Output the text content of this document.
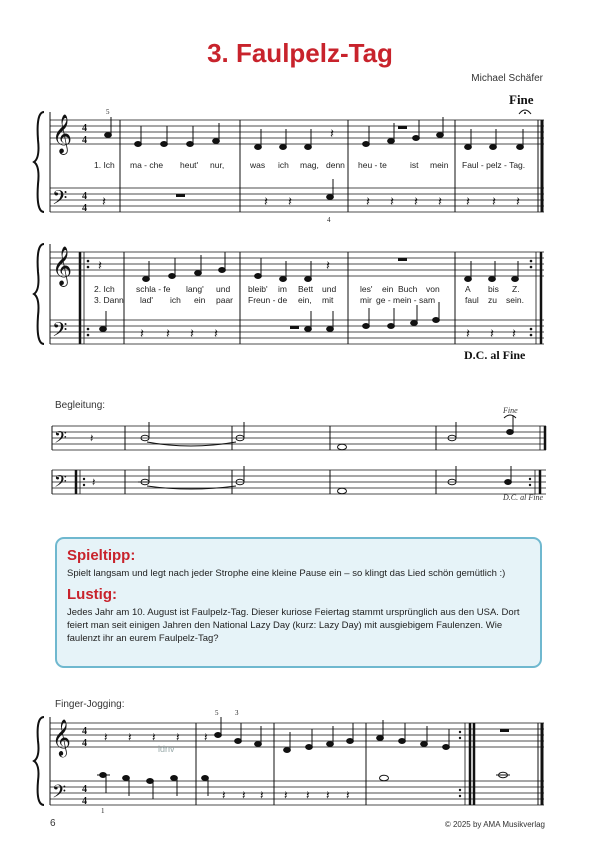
3. Faulpelz-Tag
Michael Schäfer
Fine
𝄞
𝄢
4
4
4
4
𝄽
𝄽	𝄽 𝄽	𝄽 𝄽 𝄽 𝄽 𝄽 𝄽 𝄽
5
4
1. Ich ma - che heut' nur,	was ich mag, denn heu - te	ist mein Faul - pelz - Tag.
𝄞
𝄢
𝄽	𝄽
𝄽 𝄽 𝄽 𝄽	𝄽 𝄽 𝄽
2. Ich schla - fe lang' und bleib' im Bett und	les' ein Buch von	A bis Z.
3. Dann lad' ich ein paar Freun - de ein, mit	mir ge - mein - sam	faul zu sein.
D.C. al Fine
Begleitung:	Fine
𝄢
𝄢
𝄽
𝄽
D.C. al Fine
Spieltipp:
Spielt langsam und legt nach jeder Strophe eine kleine Pause ein – so klingt das Lied schön gemütlich :)
Lustig:
Jedes Jahr am 10. August ist Faulpelz-Tag. Dieser kuriose Feiertag stammt ursprünglich aus den USA. Dort feiert man seit einigen Jahren den National Lazy Day (kurz: Lazy Day) mit ausgiebigem Faulenzen. Wie faulenzt ihr an eurem Faulpelz-Tag?
Finger-Jogging:
𝄞
𝄢
4
4
4
4
𝄽 𝄽 𝄽 𝄽 𝄽
𝄽 𝄽 𝄽 𝄽 𝄽 𝄽 𝄽
5 3
1
idnv
6	© 2025 by AMA Musikverlag
